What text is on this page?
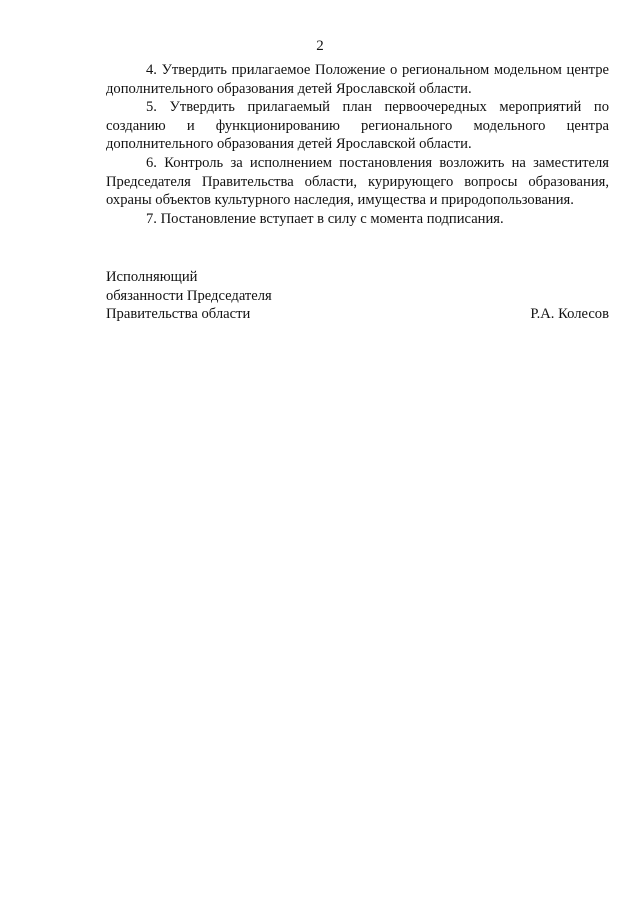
2

4. Утвердить прилагаемое Положение о региональном модельном центре дополнительного образования детей Ярославской области.

5. Утвердить прилагаемый план первоочередных мероприятий по созданию и функционированию регионального модельного центра дополнительного образования детей Ярославской области.

6. Контроль за исполнением постановления возложить на заместителя Председателя Правительства области, курирующего вопросы образования, охраны объектов культурного наследия, имущества и природопользования.

7. Постановление вступает в силу с момента подписания.

Исполняющий
обязанности Председателя
Правительства области	Р.А. Колесов
